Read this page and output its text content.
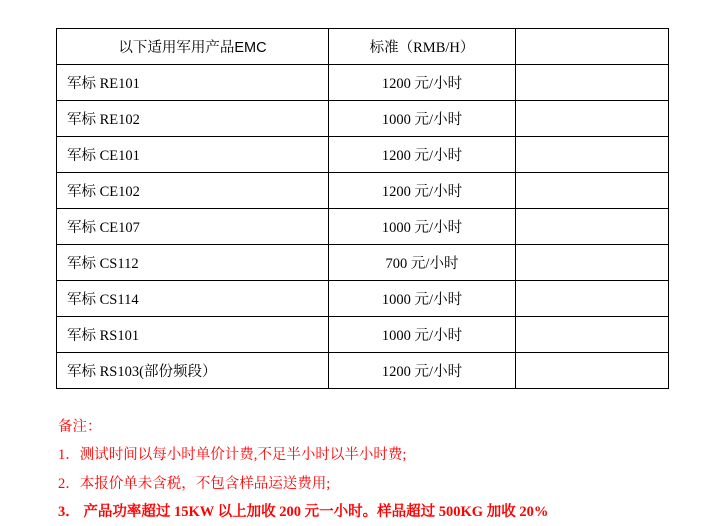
以下适用军用产品EMC	标准（RMB/H）	
军标 RE101	1200 元/小时	
军标 RE102	1000 元/小时	
军标 CE101	1200 元/小时	
军标 CE102	1200 元/小时	
军标 CE107	1000 元/小时	
军标 CS112	700 元/小时	
军标 CS114	1000 元/小时	
军标 RS101	1000 元/小时	
军标 RS103(部份频段）	1200 元/小时	
备注：
1．测试时间以每小时单价计费,不足半小时以半小时费;
2．本报价单未含税，不包含样品运送费用;
3． 产品功率超过 15KW 以上加收 200 元一小时。样品超过 500KG 加收 20%
